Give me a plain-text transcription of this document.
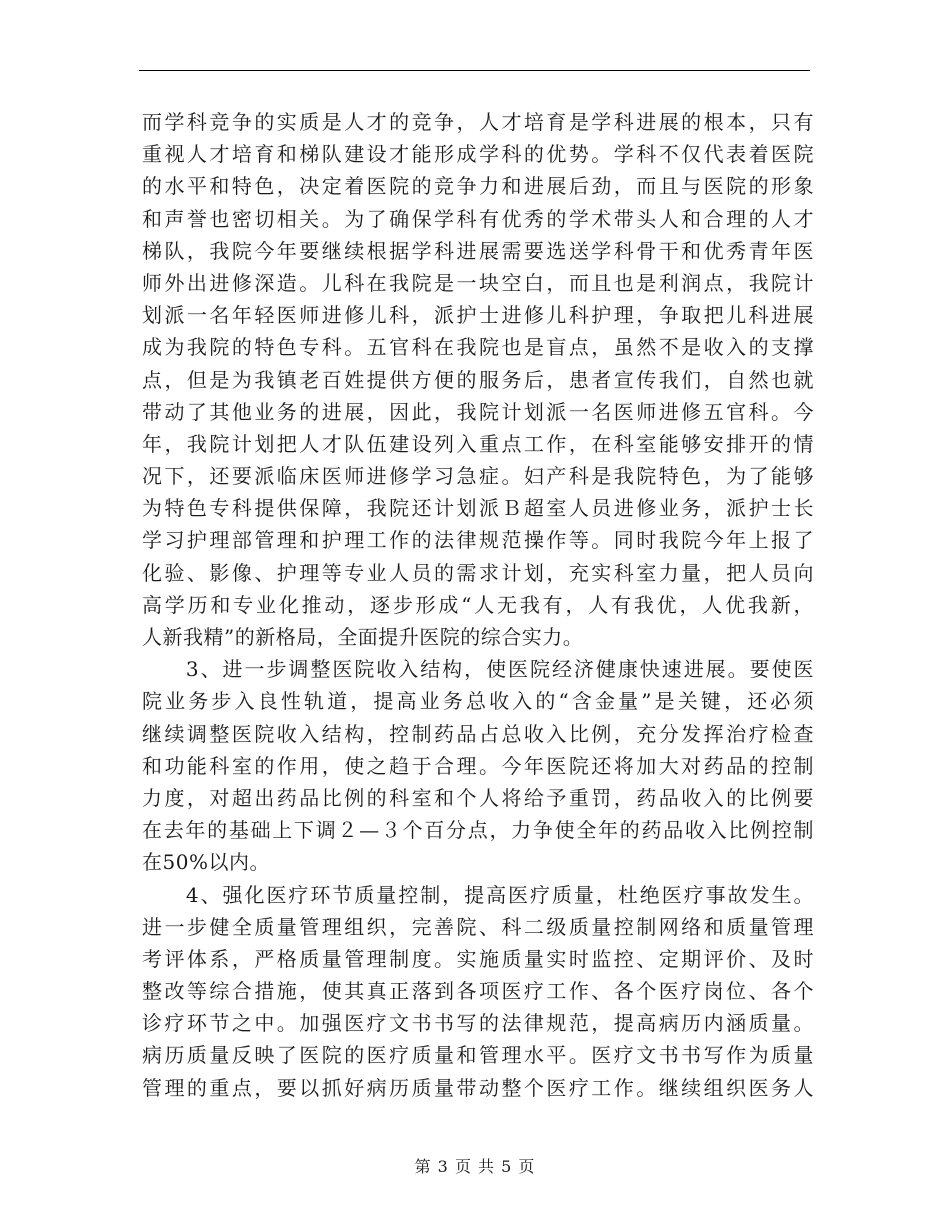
而学科竞争的实质是人才的竞争，人才培育是学科进展的根本，只有
重视人才培育和梯队建设才能形成学科的优势。学科不仅代表着医院
的水平和特色，决定着医院的竞争力和进展后劲，而且与医院的形象
和声誉也密切相关。为了确保学科有优秀的学术带头人和合理的人才
梯队，我院今年要继续根据学科进展需要选送学科骨干和优秀青年医
师外出进修深造。儿科在我院是一块空白，而且也是利润点，我院计
划派一名年轻医师进修儿科，派护士进修儿科护理，争取把儿科进展
成为我院的特色专科。五官科在我院也是盲点，虽然不是收入的支撑
点，但是为我镇老百姓提供方便的服务后，患者宣传我们，自然也就
带动了其他业务的进展，因此，我院计划派一名医师进修五官科。今
年，我院计划把人才队伍建设列入重点工作，在科室能够安排开的情
况下，还要派临床医师进修学习急症。妇产科是我院特色，为了能够
为特色专科提供保障，我院还计划派Ｂ超室人员进修业务，派护士长
学习护理部管理和护理工作的法律规范操作等。同时我院今年上报了
化验、影像、护理等专业人员的需求计划，充实科室力量，把人员向
高学历和专业化推动，逐步形成“人无我有，人有我优，人优我新，
人新我精”的新格局，全面提升医院的综合实力。
　　3、进一步调整医院收入结构，使医院经济健康快速进展。要使医
院业务步入良性轨道，提高业务总收入的“含金量”是关键，还必须
继续调整医院收入结构，控制药品占总收入比例，充分发挥治疗检查
和功能科室的作用，使之趋于合理。今年医院还将加大对药品的控制
力度，对超出药品比例的科室和个人将给予重罚，药品收入的比例要
在去年的基础上下调２—３个百分点，力争使全年的药品收入比例控制
在50%以内。
　　4、强化医疗环节质量控制，提高医疗质量，杜绝医疗事故发生。
进一步健全质量管理组织，完善院、科二级质量控制网络和质量管理
考评体系，严格质量管理制度。实施质量实时监控、定期评价、及时
整改等综合措施，使其真正落到各项医疗工作、各个医疗岗位、各个
诊疗环节之中。加强医疗文书书写的法律规范，提高病历内涵质量。
病历质量反映了医院的医疗质量和管理水平。医疗文书书写作为质量
管理的重点，要以抓好病历质量带动整个医疗工作。继续组织医务人
第 3 页 共 5 页
